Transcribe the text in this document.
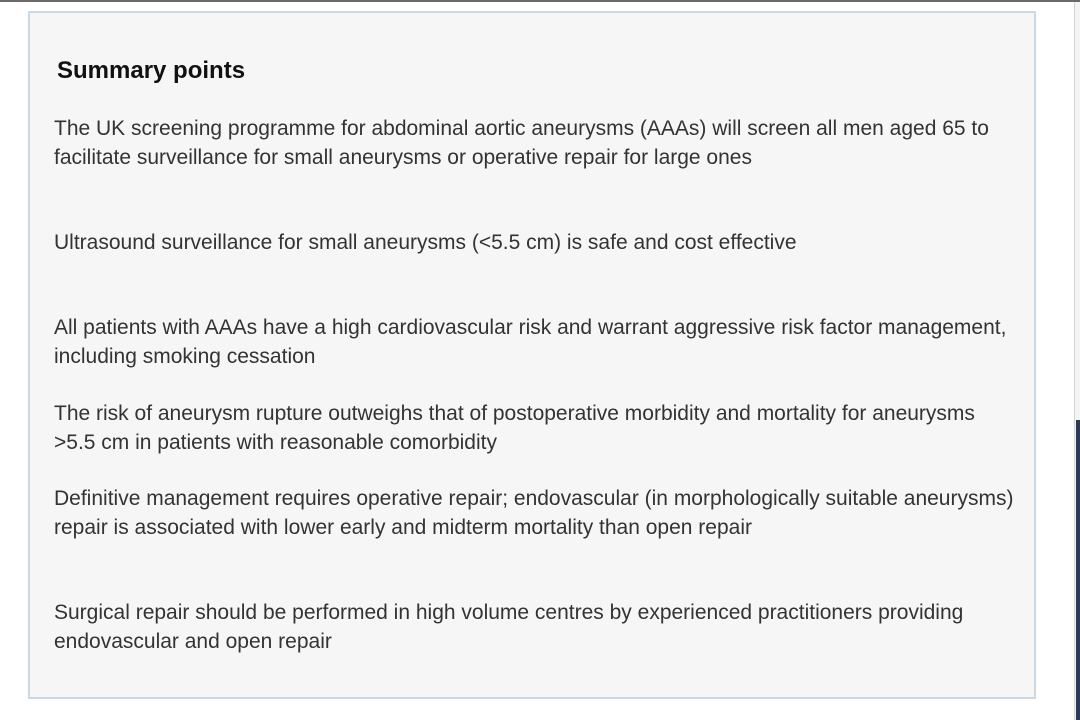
Summary points

The UK screening programme for abdominal aortic aneurysms (AAAs) will screen all men aged 65 to facilitate surveillance for small aneurysms or operative repair for large ones

Ultrasound surveillance for small aneurysms (<5.5 cm) is safe and cost effective

All patients with AAAs have a high cardiovascular risk and warrant aggressive risk factor management, including smoking cessation

The risk of aneurysm rupture outweighs that of postoperative morbidity and mortality for aneurysms >5.5 cm in patients with reasonable comorbidity

Definitive management requires operative repair; endovascular (in morphologically suitable aneurysms) repair is associated with lower early and midterm mortality than open repair

Surgical repair should be performed in high volume centres by experienced practitioners providing endovascular and open repair
